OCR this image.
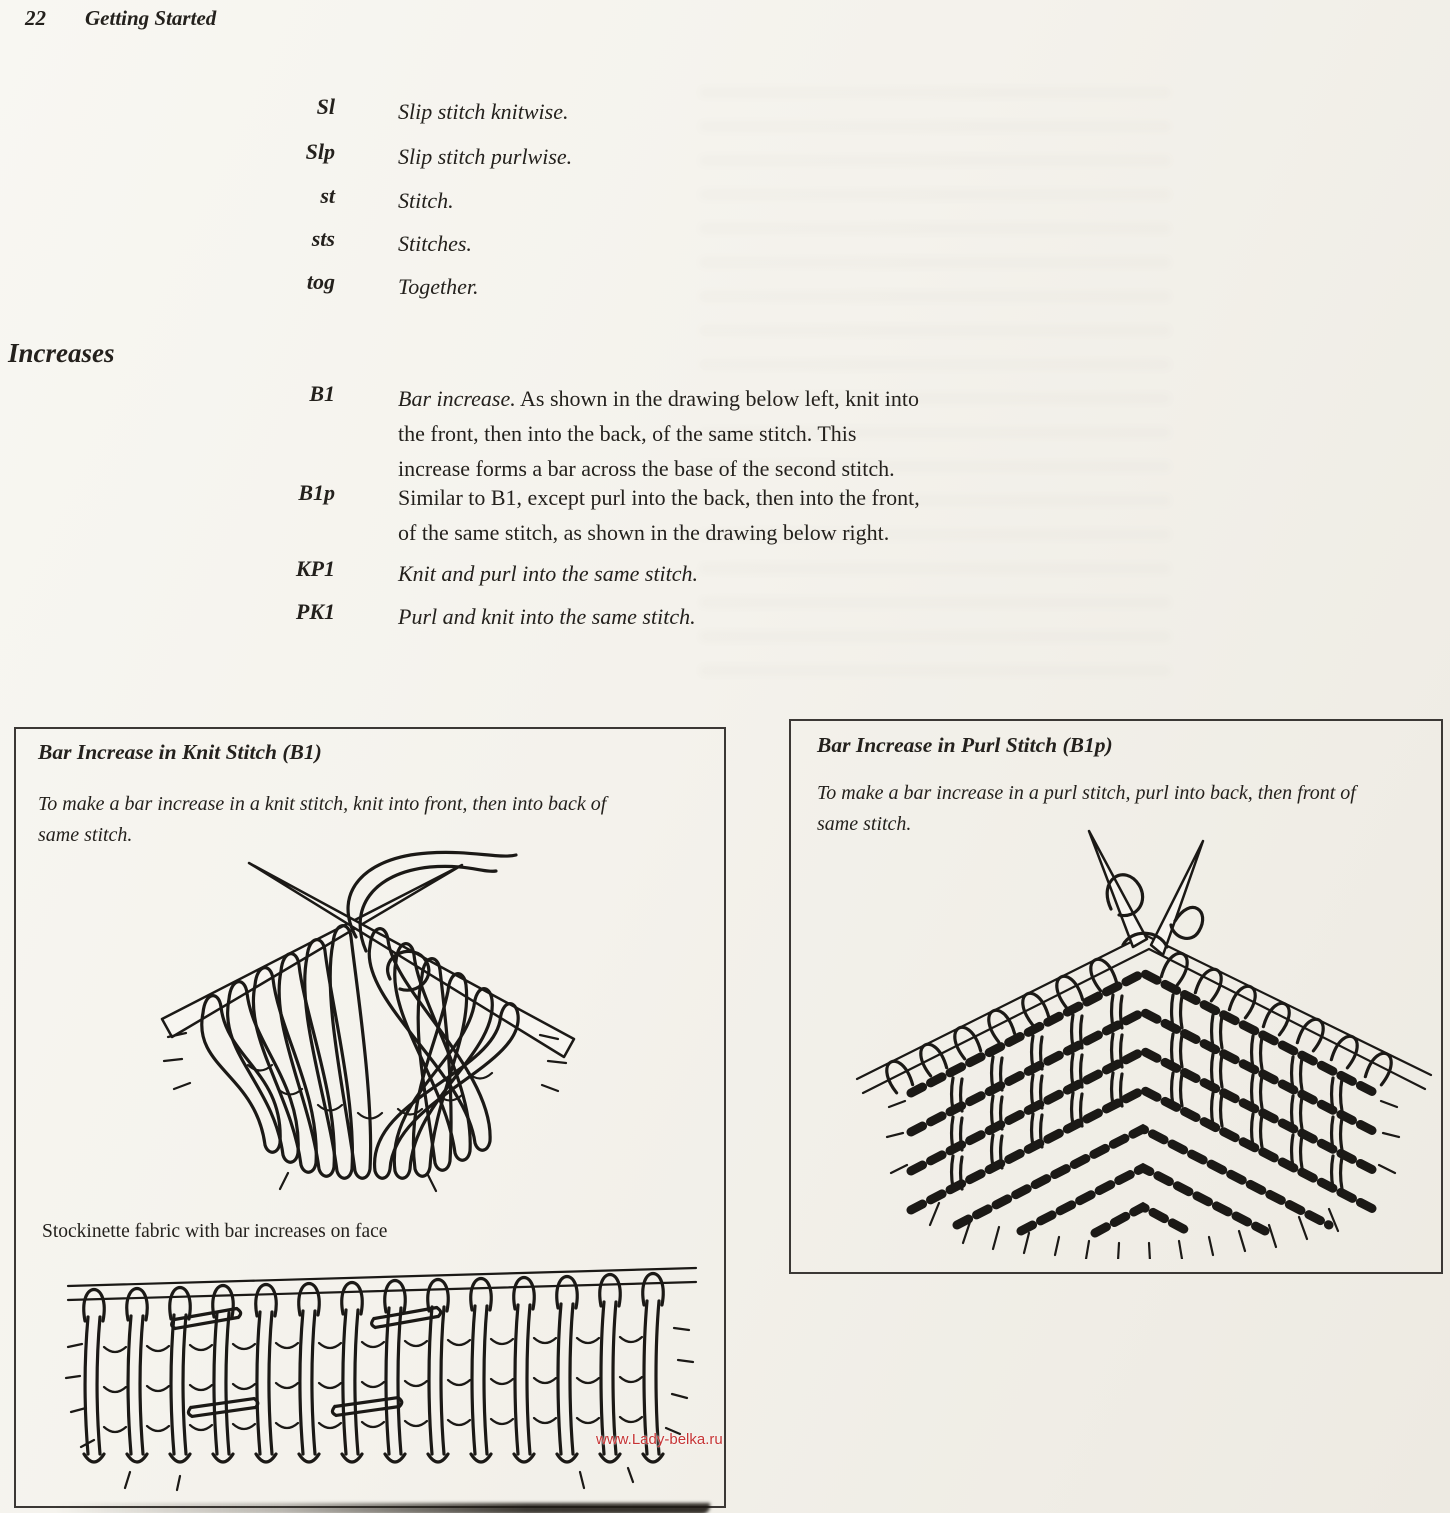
22 Getting Started
Sl	Slip stitch knitwise.
Slp	Slip stitch purlwise.
st	Stitch.
sts	Stitches.
tog	Together.
Increases
B1	Bar increase. As shown in the drawing below left, knit into
the front, then into the back, of the same stitch. This
increase forms a bar across the base of the second stitch.
B1p	Similar to B1, except purl into the back, then into the front,
of the same stitch, as shown in the drawing below right.
KP1	Knit and purl into the same stitch.
PK1	Purl and knit into the same stitch.
Bar Increase in Knit Stitch (B1)
To make a bar increase in a knit stitch, knit into front, then into back of
same stitch.
Stockinette fabric with bar increases on face
Bar Increase in Purl Stitch (B1p)
To make a bar increase in a purl stitch, purl into back, then front of
same stitch.
www.Lady-belka.ru
